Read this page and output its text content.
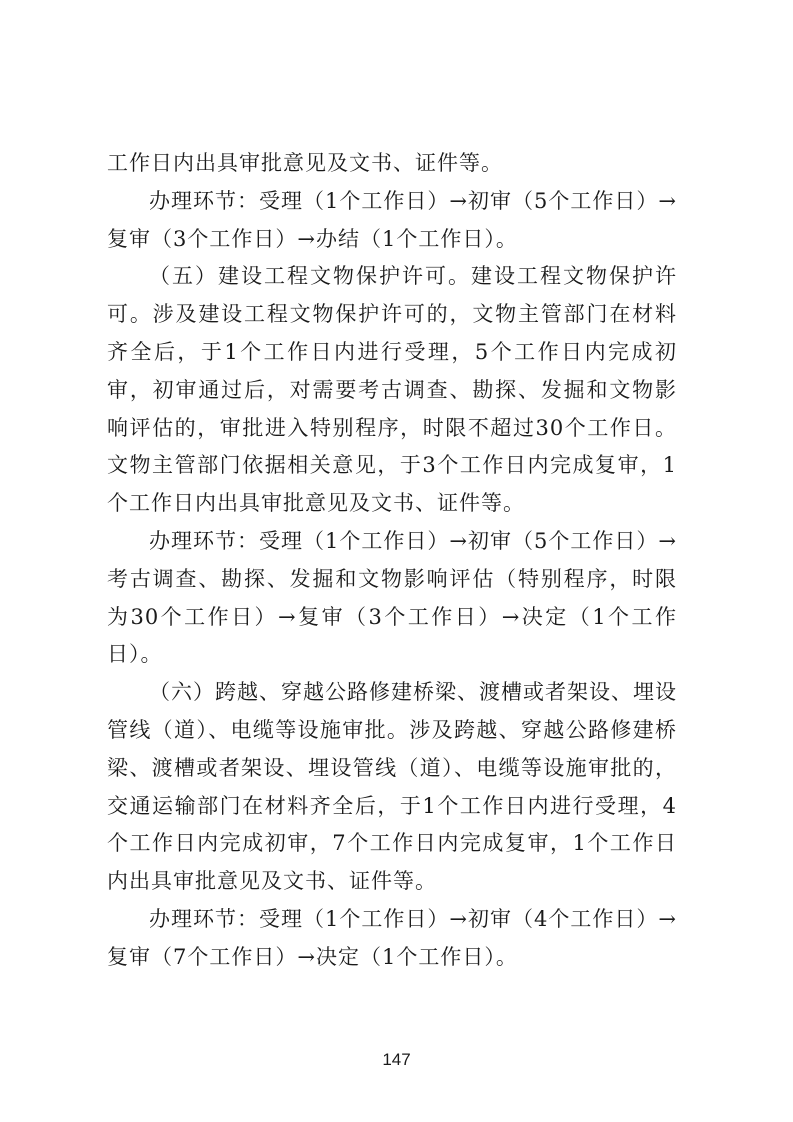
工作日内出具审批意见及文书、证件等。

办理环节：受理（1个工作日）→初审（5个工作日）→复审（3个工作日）→办结（1个工作日）。

（五）建设工程文物保护许可。建设工程文物保护许可。涉及建设工程文物保护许可的，文物主管部门在材料齐全后，于1个工作日内进行受理，5个工作日内完成初审，初审通过后，对需要考古调查、勘探、发掘和文物影响评估的，审批进入特别程序，时限不超过30个工作日。文物主管部门依据相关意见，于3个工作日内完成复审，1个工作日内出具审批意见及文书、证件等。

办理环节：受理（1个工作日）→初审（5个工作日）→考古调查、勘探、发掘和文物影响评估（特别程序，时限为30个工作日）→复审（3个工作日）→决定（1个工作日）。

（六）跨越、穿越公路修建桥梁、渡槽或者架设、埋设管线（道）、电缆等设施审批。涉及跨越、穿越公路修建桥梁、渡槽或者架设、埋设管线（道）、电缆等设施审批的，交通运输部门在材料齐全后，于1个工作日内进行受理，4个工作日内完成初审，7个工作日内完成复审，1个工作日内出具审批意见及文书、证件等。

办理环节：受理（1个工作日）→初审（4个工作日）→复审（7个工作日）→决定（1个工作日）。

147
